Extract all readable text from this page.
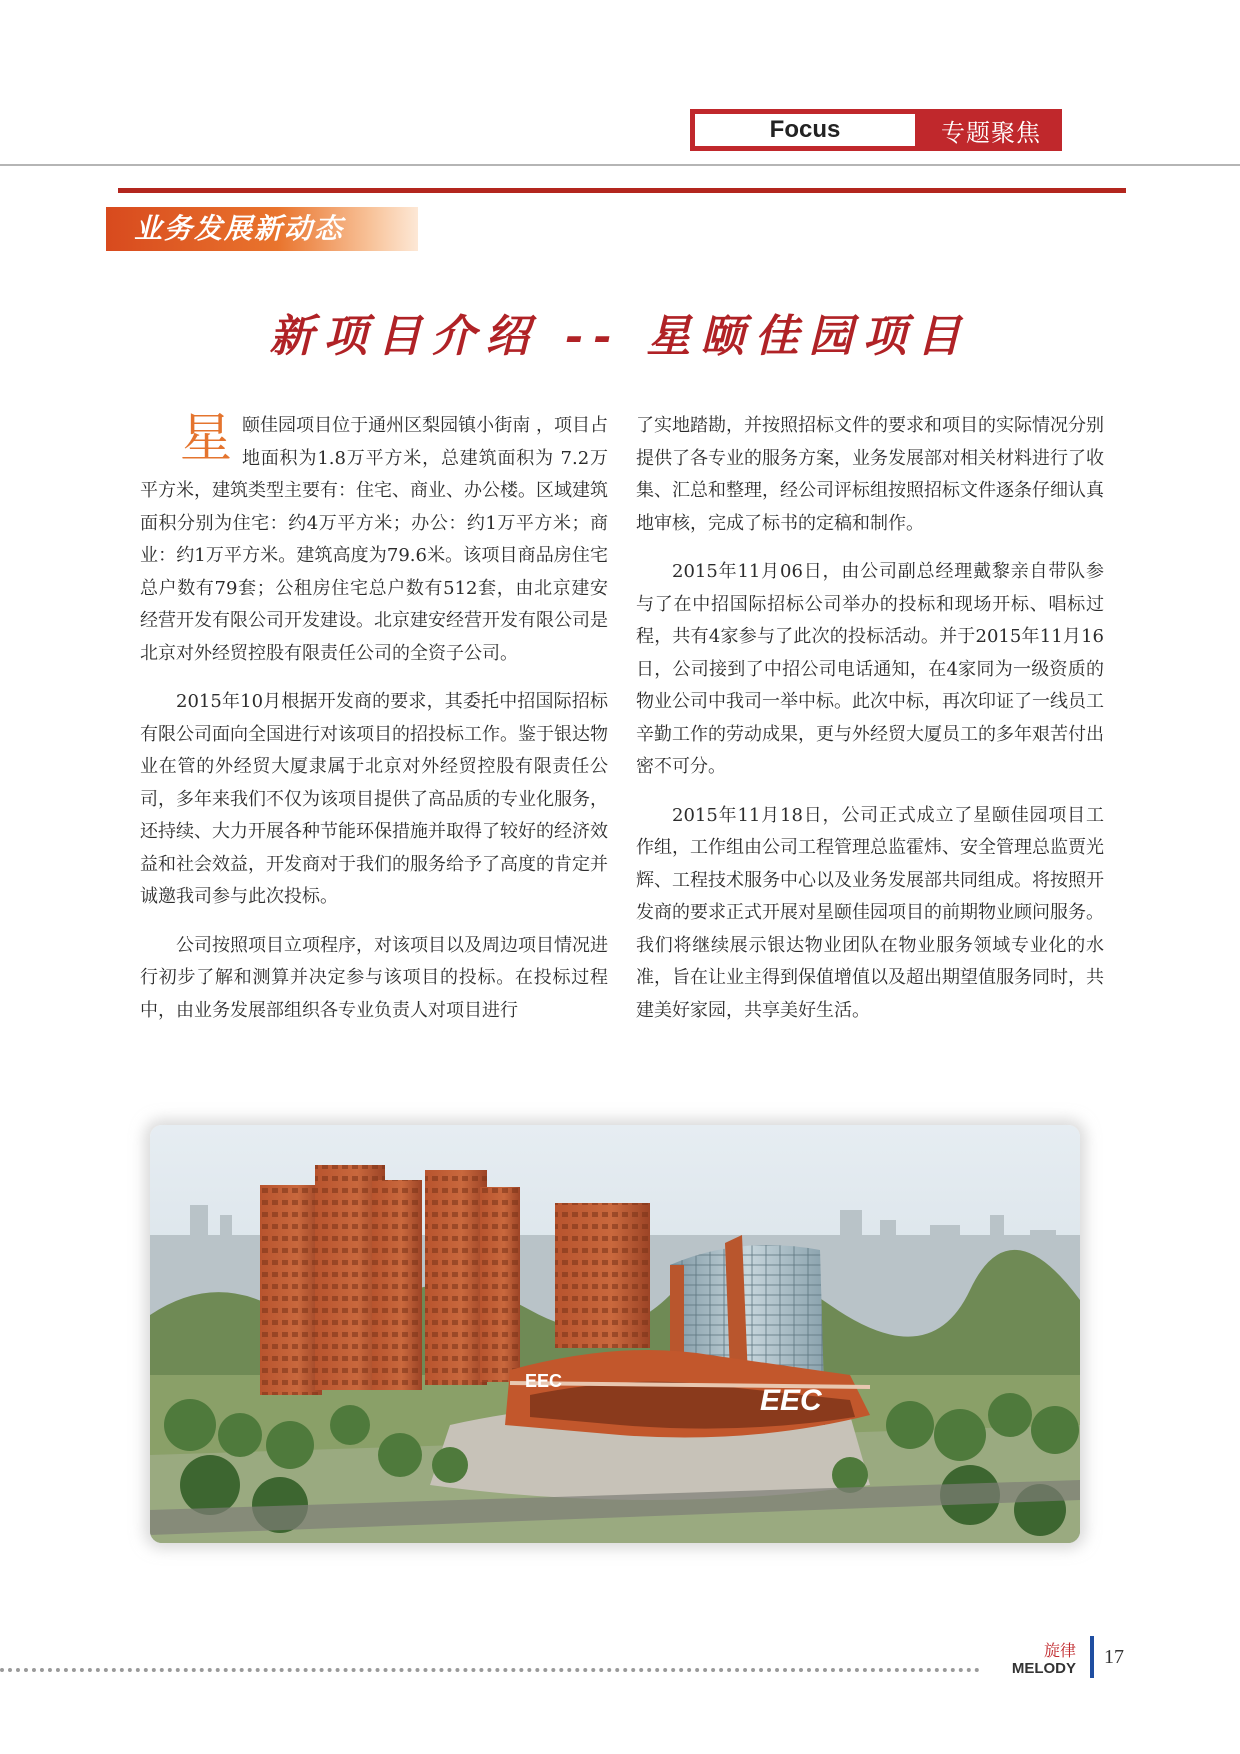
Focus	专题聚焦
业务发展新动态
新项目介绍 -- 星颐佳园项目

星 颐佳园项目位于通州区梨园镇小街南 ，项目占地面积为1.8万平方米，总建筑面积为 7.2万平方米，建筑类型主要有：住宅、商业、办公楼。区域建筑面积分别为住宅：约4万平方米；办公：约1万平方米；商业：约1万平方米。建筑高度为79.6米。该项目商品房住宅总户数有79套；公租房住宅总户数有512套，由北京建安经营开发有限公司开发建设。北京建安经营开发有限公司是北京对外经贸控股有限责任公司的全资子公司。

2015年10月根据开发商的要求，其委托中招国际招标有限公司面向全国进行对该项目的招投标工作。鉴于银达物业在管的外经贸大厦隶属于北京对外经贸控股有限责任公司，多年来我们不仅为该项目提供了高品质的专业化服务，还持续、大力开展各种节能环保措施并取得了较好的经济效益和社会效益，开发商对于我们的服务给予了高度的肯定并诚邀我司参与此次投标。

公司按照项目立项程序，对该项目以及周边项目情况进行初步了解和测算并决定参与该项目的投标。在投标过程中，由业务发展部组织各专业负责人对项目进行

了实地踏勘，并按照招标文件的要求和项目的实际情况分别提供了各专业的服务方案，业务发展部对相关材料进行了收集、汇总和整理，经公司评标组按照招标文件逐条仔细认真地审核，完成了标书的定稿和制作。

2015年11月06日，由公司副总经理戴黎亲自带队参与了在中招国际招标公司举办的投标和现场开标、唱标过程，共有4家参与了此次的投标活动。并于2015年11月16日，公司接到了中招公司电话通知，在4家同为一级资质的物业公司中我司一举中标。此次中标，再次印证了一线员工辛勤工作的劳动成果，更与外经贸大厦员工的多年艰苦付出密不可分。

2015年11月18日，公司正式成立了星颐佳园项目工作组，工作组由公司工程管理总监霍炜、安全管理总监贾光辉、工程技术服务中心以及业务发展部共同组成。将按照开发商的要求正式开展对星颐佳园项目的前期物业顾问服务。我们将继续展示银达物业团队在物业服务领域专业化的水准，旨在让业主得到保值增值以及超出期望值服务同时，共建美好家园，共享美好生活。

EEC
EEC
旋律
MELODY
17
